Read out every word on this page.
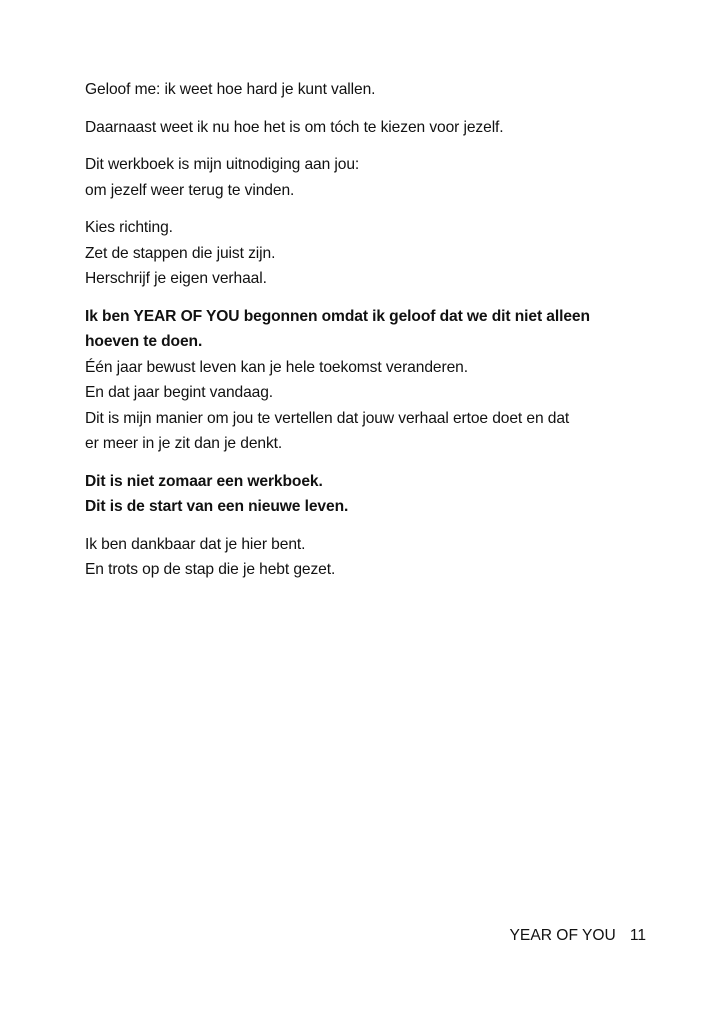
Geloof me: ik weet hoe hard je kunt vallen.

Daarnaast weet ik nu hoe het is om tóch te kiezen voor jezelf.

Dit werkboek is mijn uitnodiging aan jou:
om jezelf weer terug te vinden.

Kies richting.
Zet de stappen die juist zijn.
Herschrijf je eigen verhaal.

Ik ben YEAR OF YOU begonnen omdat ik geloof dat we dit niet alleen
hoeven te doen.
Één jaar bewust leven kan je hele toekomst veranderen.
En dat jaar begint vandaag.
Dit is mijn manier om jou te vertellen dat jouw verhaal ertoe doet en dat
er meer in je zit dan je denkt.

Dit is niet zomaar een werkboek.
Dit is de start van een nieuwe leven.

Ik ben dankbaar dat je hier bent.
En trots op de stap die je hebt gezet.

YEAR OF YOU 11
